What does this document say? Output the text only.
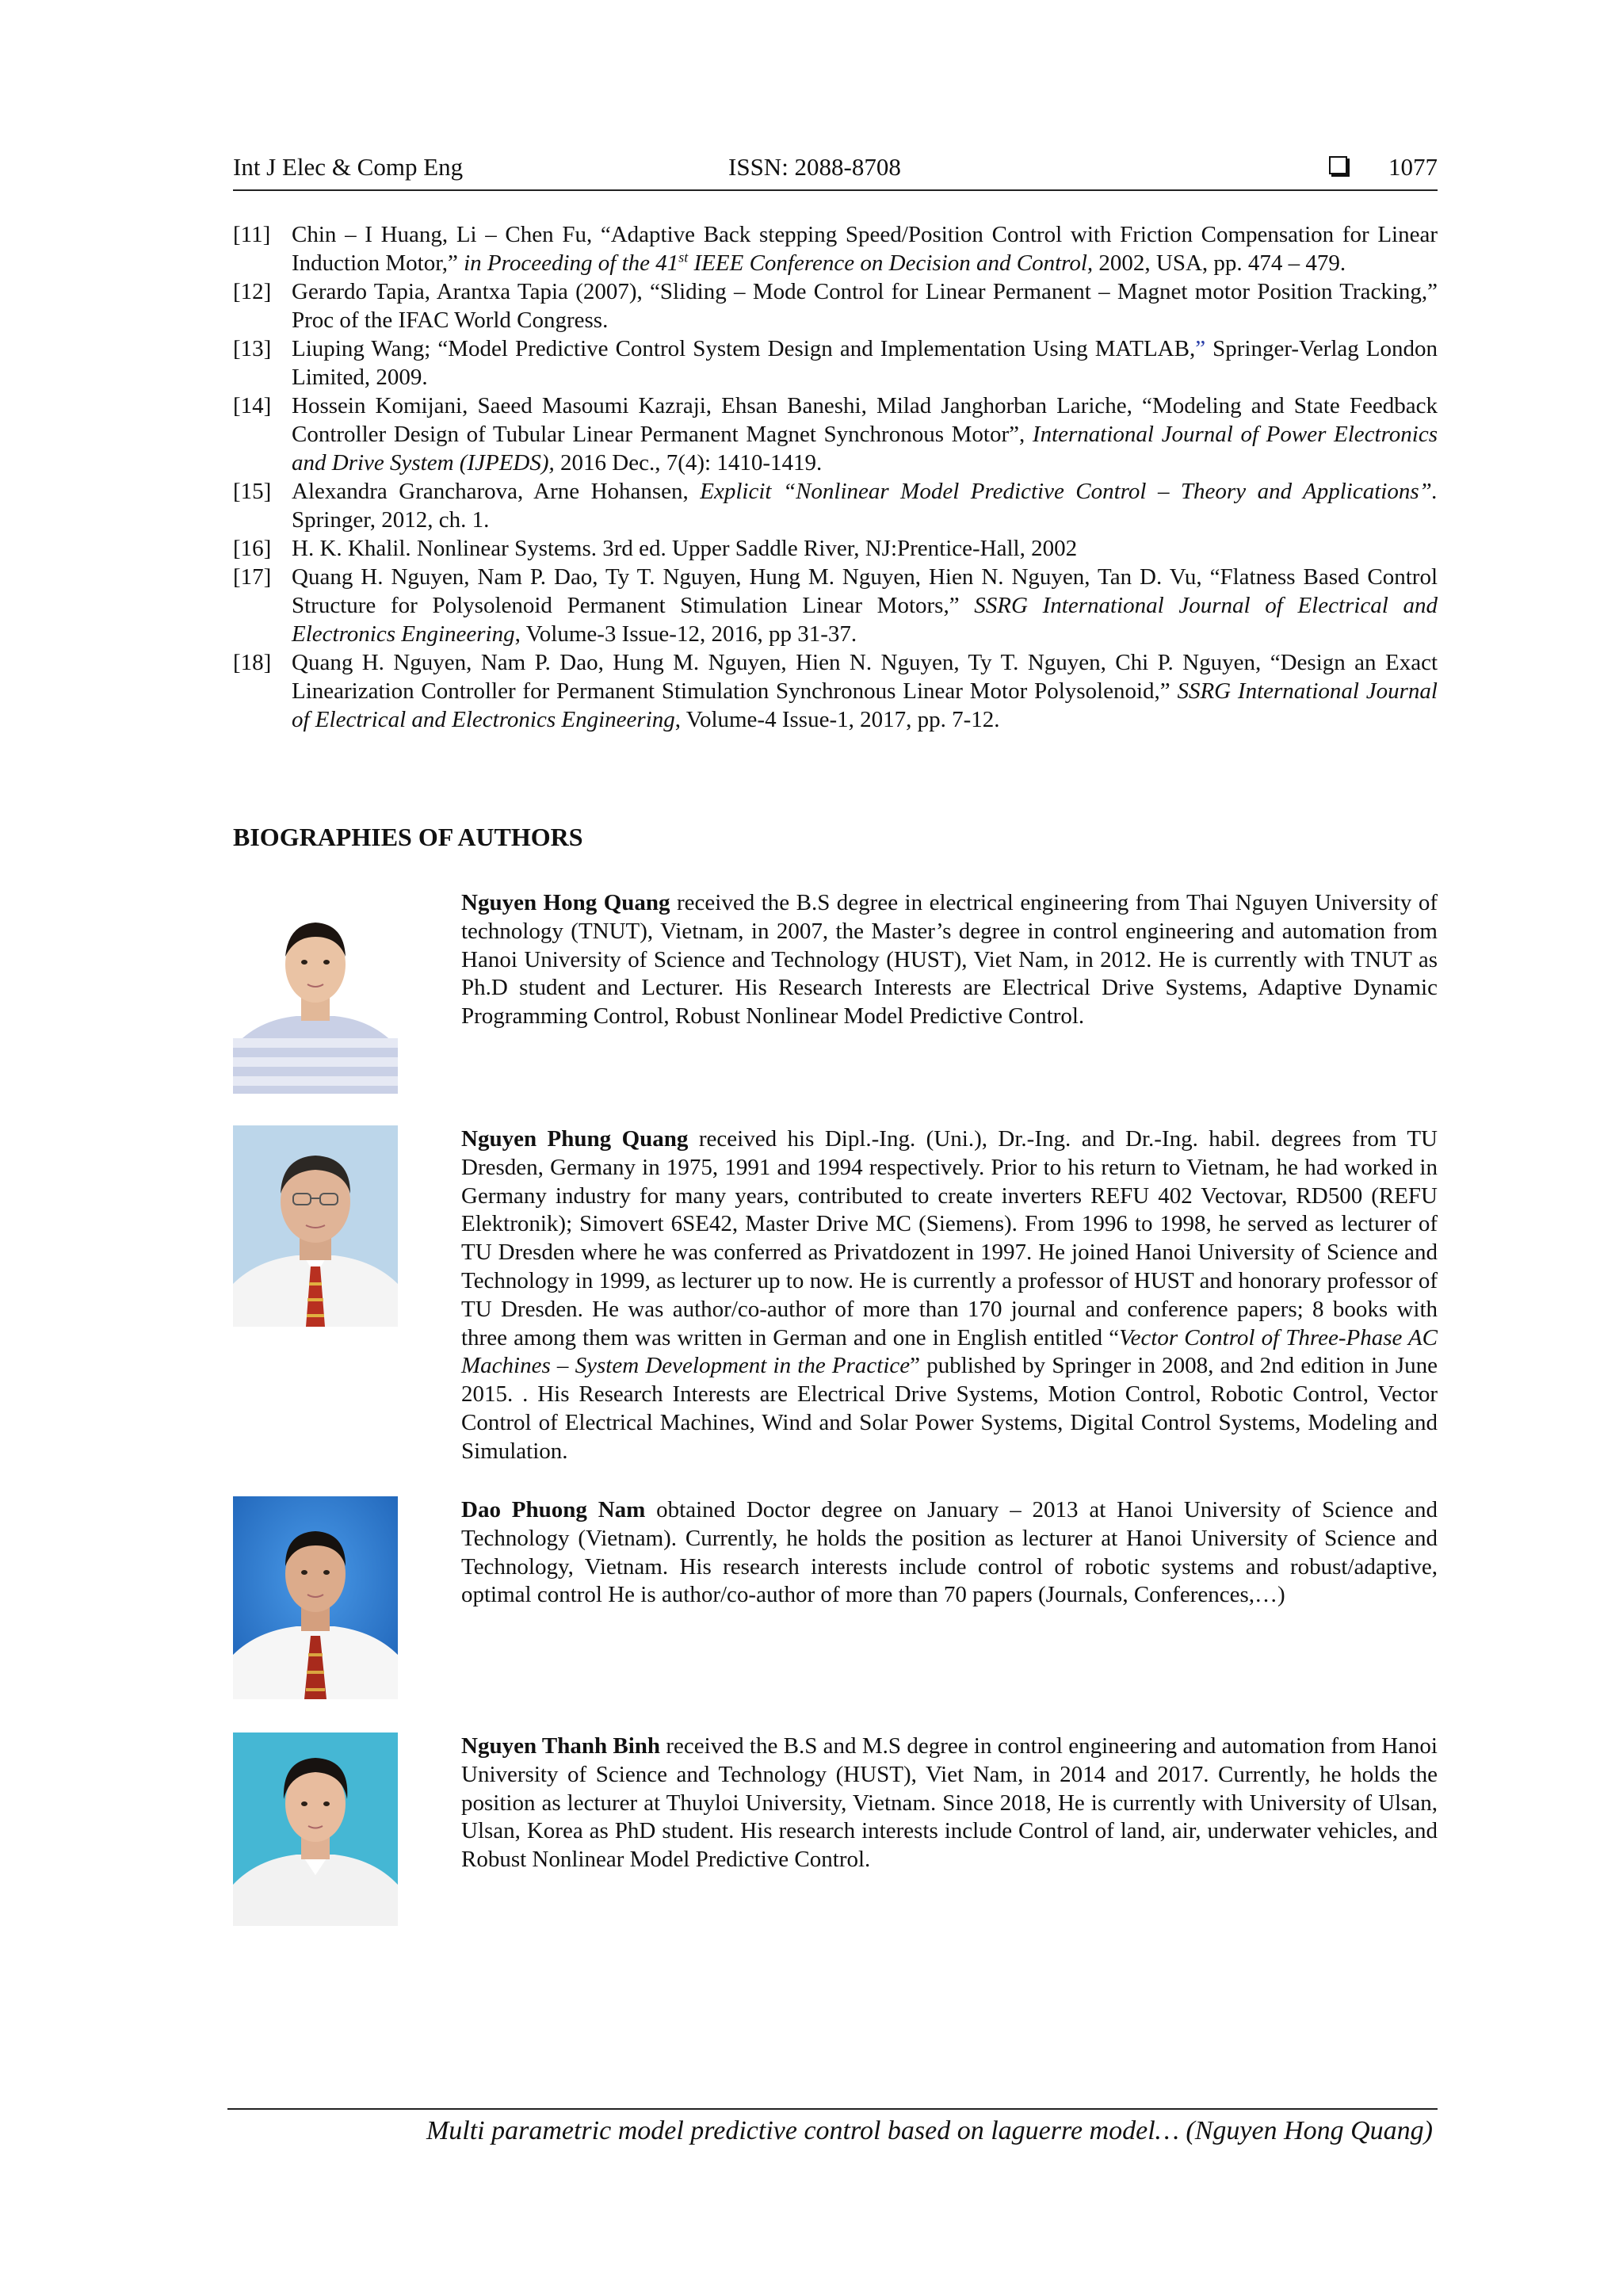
Int J Elec & Comp Eng	ISSN: 2088-8708	1077

[11] Chin – I Huang, Li – Chen Fu, “Adaptive Back stepping Speed/Position Control with Friction Compensation for Linear Induction Motor,” in Proceeding of the 41st IEEE Conference on Decision and Control, 2002, USA, pp. 474 – 479.

[12] Gerardo Tapia, Arantxa Tapia (2007), “Sliding – Mode Control for Linear Permanent – Magnet motor Position Tracking,” Proc of the IFAC World Congress.

[13] Liuping Wang; “Model Predictive Control System Design and Implementation Using MATLAB,” Springer-Verlag London Limited, 2009.

[14] Hossein Komijani, Saeed Masoumi Kazraji, Ehsan Baneshi, Milad Janghorban Lariche, “Modeling and State Feedback Controller Design of Tubular Linear Permanent Magnet Synchronous Motor”, International Journal of Power Electronics and Drive System (IJPEDS), 2016 Dec., 7(4): 1410-1419.

[15] Alexandra Grancharova, Arne Hohansen, Explicit “Nonlinear Model Predictive Control – Theory and Applications”. Springer, 2012, ch. 1.

[16] H. K. Khalil. Nonlinear Systems. 3rd ed. Upper Saddle River, NJ:Prentice-Hall, 2002

[17] Quang H. Nguyen, Nam P. Dao, Ty T. Nguyen, Hung M. Nguyen, Hien N. Nguyen, Tan D. Vu, “Flatness Based Control Structure for Polysolenoid Permanent Stimulation Linear Motors,” SSRG International Journal of Electrical and Electronics Engineering, Volume-3 Issue-12, 2016, pp 31-37.

[18] Quang H. Nguyen, Nam P. Dao, Hung M. Nguyen, Hien N. Nguyen, Ty T. Nguyen, Chi P. Nguyen, “Design an Exact Linearization Controller for Permanent Stimulation Synchronous Linear Motor Polysolenoid,” SSRG International Journal of Electrical and Electronics Engineering, Volume-4 Issue-1, 2017, pp. 7-12.

BIOGRAPHIES OF AUTHORS
Nguyen Hong Quang received the B.S degree in electrical engineering from Thai Nguyen University of technology (TNUT), Vietnam, in 2007, the Master’s degree in control engineering and automation from Hanoi University of Science and Technology (HUST), Viet Nam, in 2012. He is currently with TNUT as Ph.D student and Lecturer. His Research Interests are Electrical Drive Systems, Adaptive Dynamic Programming Control, Robust Nonlinear Model Predictive Control.
Nguyen Phung Quang received his Dipl.-Ing. (Uni.), Dr.-Ing. and Dr.-Ing. habil. degrees from TU Dresden, Germany in 1975, 1991 and 1994 respectively. Prior to his return to Vietnam, he had worked in Germany industry for many years, contributed to create inverters REFU 402 Vectovar, RD500 (REFU Elektronik); Simovert 6SE42, Master Drive MC (Siemens). From 1996 to 1998, he served as lecturer of TU Dresden where he was conferred as Privatdozent in 1997. He joined Hanoi University of Science and Technology in 1999, as lecturer up to now. He is currently a professor of HUST and honorary professor of TU Dresden. He was author/co-author of more than 170 journal and conference papers; 8 books with three among them was written in German and one in English entitled “Vector Control of Three-Phase AC Machines – System Development in the Practice” published by Springer in 2008, and 2nd edition in June 2015. . His Research Interests are Electrical Drive Systems, Motion Control, Robotic Control, Vector Control of Electrical Machines, Wind and Solar Power Systems, Digital Control Systems, Modeling and Simulation.
Dao Phuong Nam obtained Doctor degree on January – 2013 at Hanoi University of Science and Technology (Vietnam). Currently, he holds the position as lecturer at Hanoi University of Science and Technology, Vietnam. His research interests include control of robotic systems and robust/adaptive, optimal control He is author/co-author of more than 70 papers (Journals, Conferences,…)
Nguyen Thanh Binh received the B.S and M.S degree in control engineering and automation from Hanoi University of Science and Technology (HUST), Viet Nam, in 2014 and 2017. Currently, he holds the position as lecturer at Thuyloi University, Vietnam. Since 2018, He is currently with University of Ulsan, Ulsan, Korea as PhD student. His research interests include Control of land, air, underwater vehicles, and Robust Nonlinear Model Predictive Control.
Multi parametric model predictive control based on laguerre model… (Nguyen Hong Quang)
